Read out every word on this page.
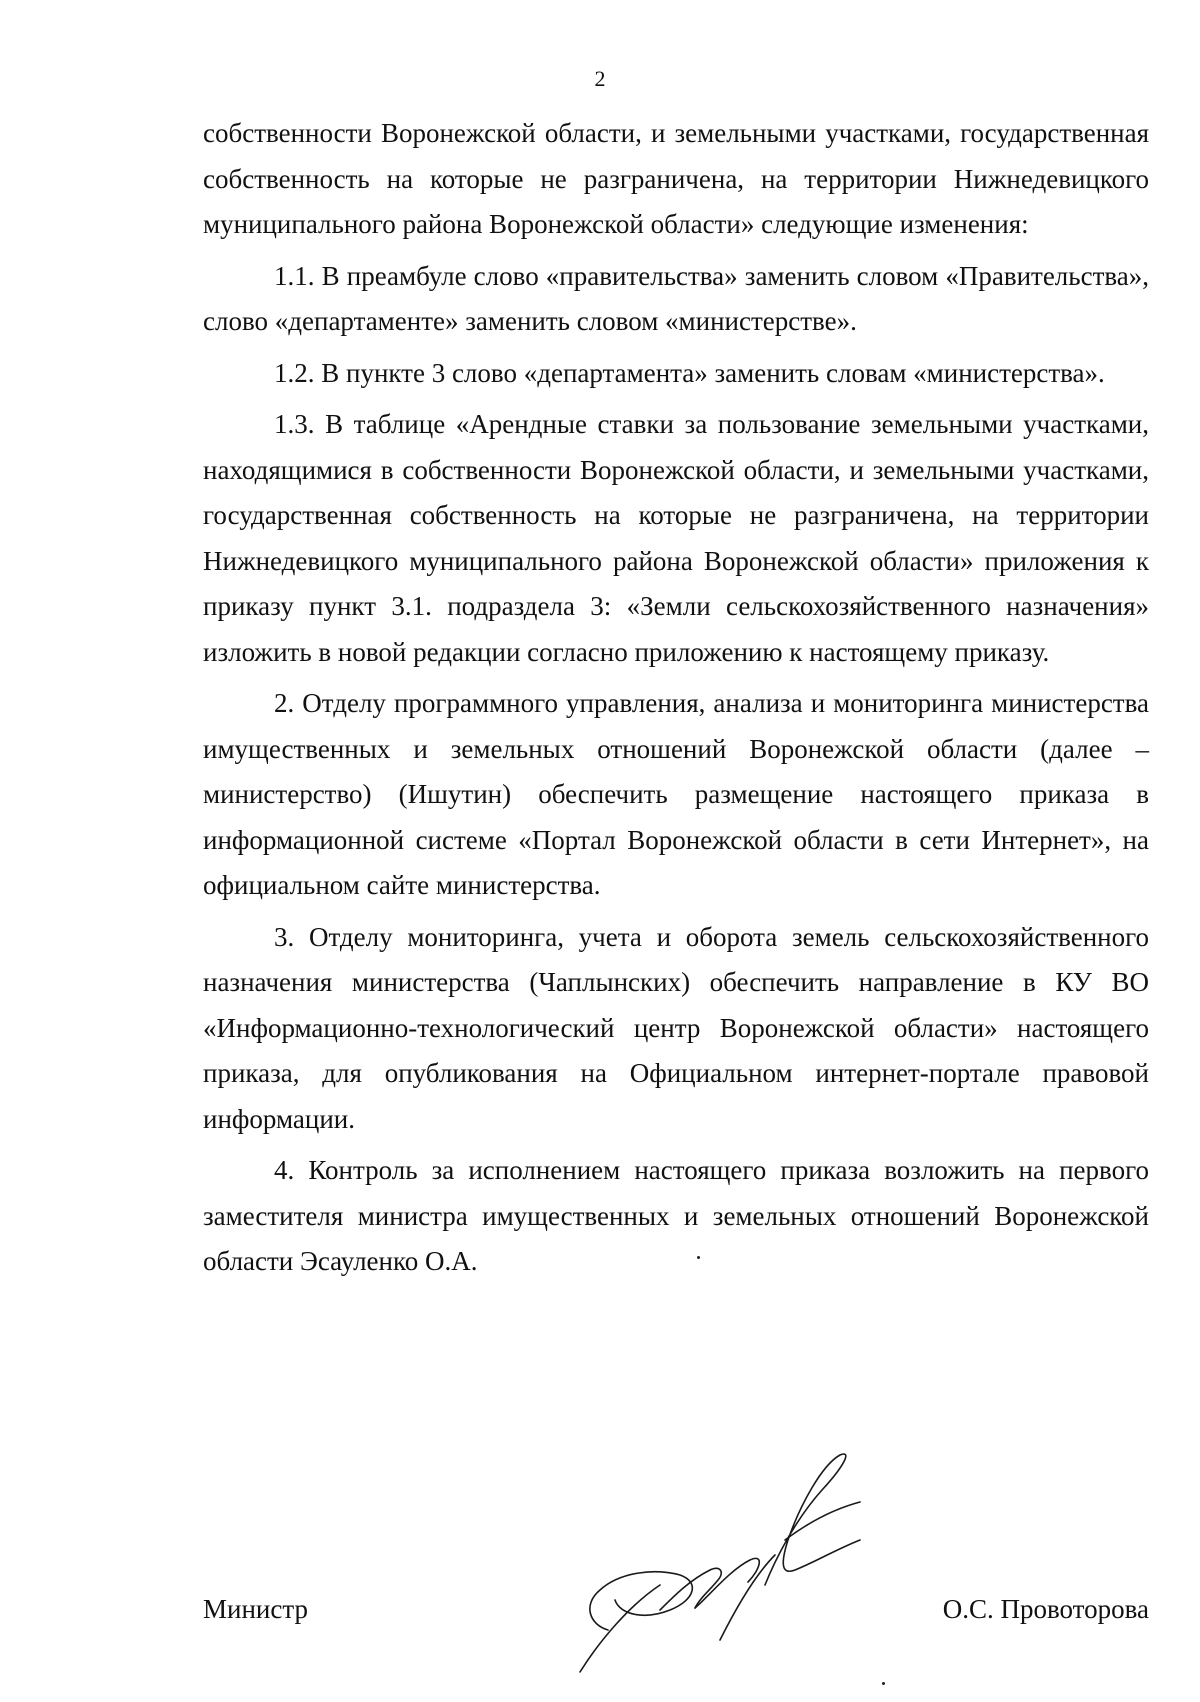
2

собственности Воронежской области, и земельными участками, государственная собственность на которые не разграничена, на территории Нижнедевицкого муниципального района Воронежской области» следующие изменения:

1.1. В преамбуле слово «правительства» заменить словом «Правительства», слово «департаменте» заменить словом «министерстве».

1.2. В пункте 3 слово «департамента» заменить словам «министерства».

1.3. В таблице «Арендные ставки за пользование земельными участками, находящимися в собственности Воронежской области, и земельными участками, государственная собственность на которые не разграничена, на территории Нижнедевицкого муниципального района Воронежской области» приложения к приказу пункт 3.1. подраздела 3: «Земли сельскохозяйственного назначения» изложить в новой редакции согласно приложению к настоящему приказу.

2. Отделу программного управления, анализа и мониторинга министерства имущественных и земельных отношений Воронежской области (далее – министерство) (Ишутин) обеспечить размещение настоящего приказа в информационной системе «Портал Воронежской области в сети Интернет», на официальном сайте министерства.

3. Отделу мониторинга, учета и оборота земель сельскохозяйственного назначения министерства (Чаплынских) обеспечить направление в КУ ВО «Информационно-технологический центр Воронежской области» настоящего приказа, для опубликования на Официальном интернет-портале правовой информации.

4. Контроль за исполнением настоящего приказа возложить на первого заместителя министра имущественных и земельных отношений Воронежской области Эсауленко О.А.

Министр	О.С. Провоторова
